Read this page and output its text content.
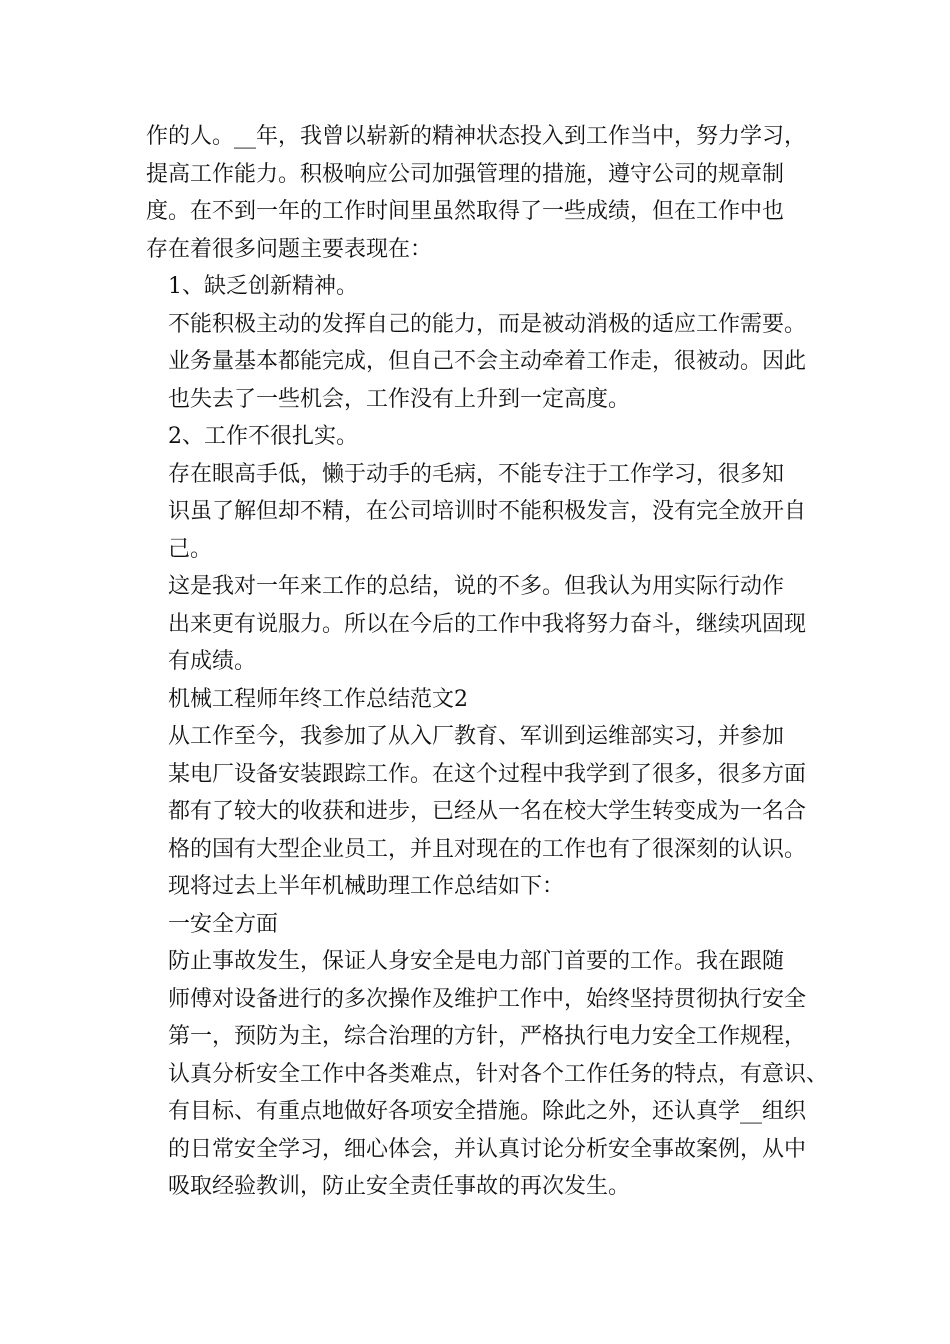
作的人。__年，我曾以崭新的精神状态投入到工作当中，努力学习，
提高工作能力。积极响应公司加强管理的措施，遵守公司的规章制
度。在不到一年的工作时间里虽然取得了一些成绩，但在工作中也
存在着很多问题主要表现在：

1、缺乏创新精神。

不能积极主动的发挥自己的能力，而是被动消极的适应工作需要。
业务量基本都能完成，但自己不会主动牵着工作走，很被动。因此
也失去了一些机会，工作没有上升到一定高度。

2、工作不很扎实。

存在眼高手低，懒于动手的毛病，不能专注于工作学习，很多知
识虽了解但却不精，在公司培训时不能积极发言，没有完全放开自
己。

这是我对一年来工作的总结，说的不多。但我认为用实际行动作
出来更有说服力。所以在今后的工作中我将努力奋斗，继续巩固现
有成绩。

机械工程师年终工作总结范文2

从工作至今，我参加了从入厂教育、军训到运维部实习，并参加
某电厂设备安装跟踪工作。在这个过程中我学到了很多，很多方面
都有了较大的收获和进步，已经从一名在校大学生转变成为一名合
格的国有大型企业员工，并且对现在的工作也有了很深刻的认识。
现将过去上半年机械助理工作总结如下：

一安全方面

防止事故发生，保证人身安全是电力部门首要的工作。我在跟随
师傅对设备进行的多次操作及维护工作中，始终坚持贯彻执行安全
第一，预防为主，综合治理的方针，严格执行电力安全工作规程，
认真分析安全工作中各类难点，针对各个工作任务的特点，有意识、
有目标、有重点地做好各项安全措施。除此之外，还认真学__组织
的日常安全学习，细心体会，并认真讨论分析安全事故案例，从中
吸取经验教训，防止安全责任事故的再次发生。
